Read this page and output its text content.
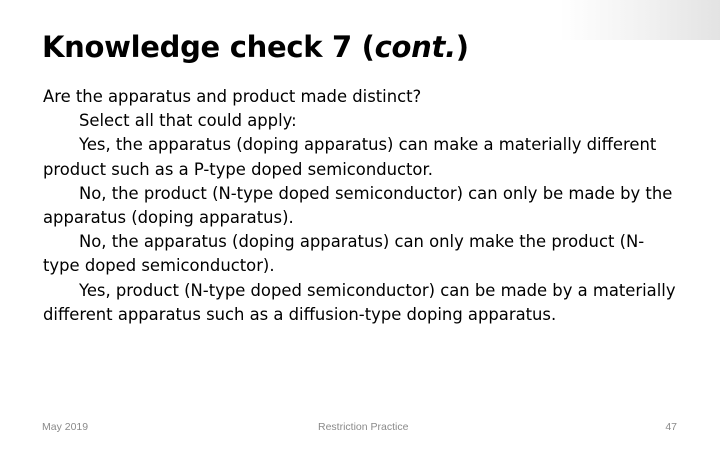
Knowledge check 7 (cont.)

Are the apparatus and product made distinct?

Select all that could apply:

Yes, the apparatus (doping apparatus) can make a materially different product such as a P-type doped semiconductor.

No, the product (N-type doped semiconductor) can only be made by the apparatus (doping apparatus).

No, the apparatus (doping apparatus) can only make the product (N-type doped semiconductor).

Yes, product (N-type doped semiconductor) can be made by a materially different apparatus such as a diffusion-type doping apparatus.

May 2019	Restriction Practice	47
